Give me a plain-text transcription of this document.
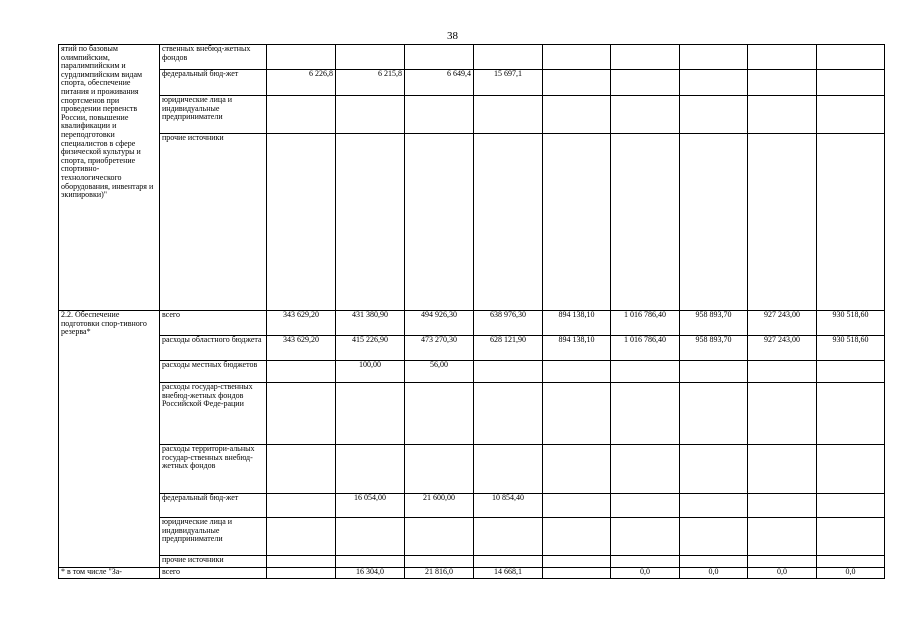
38
ятий по базовым олимпийским, паралимпийским и сурдлимпийским видам спорта, обеспечение питания и проживания спортсменов при проведении первенств России, повышение квалификации и переподготовки специалистов в сфере физической культуры и спорта, приобретение спортивно-технологического оборудования, инвентаря и экипировки)"	ственных внебюд-жетных фондов									
	федеральный бюд-жет	6 226,8	6 215,8	6 649,4	15 697,1					
	юридические лица и индивидуальные предприниматели									
	прочие источники									
2.2. Обеспечение подготовки спор-тивного резерва*	всего	343 629,20	431 380,90	494 926,30	638 976,30	894 138,10	1 016 786,40	958 893,70	927 243,00	930 518,60
	расходы областного бюджета	343 629,20	415 226,90	473 270,30	628 121,90	894 138,10	1 016 786,40	958 893,70	927 243,00	930 518,60
	расходы местных бюджетов		100,00	56,00						
	расходы государ-ственных внебюд-жетных фондов Российской Феде-рации									
	расходы территори-альных государ-ственных внебюд-жетных фондов									
	федеральный бюд-жет		16 054,00	21 600,00	10 854,40					
	юридические лица и индивидуальные предприниматели									
	прочие источники									
* в том числе "За-	всего		16 304,0	21 816,0	14 668,1		0,0	0,0	0,0	0,0
